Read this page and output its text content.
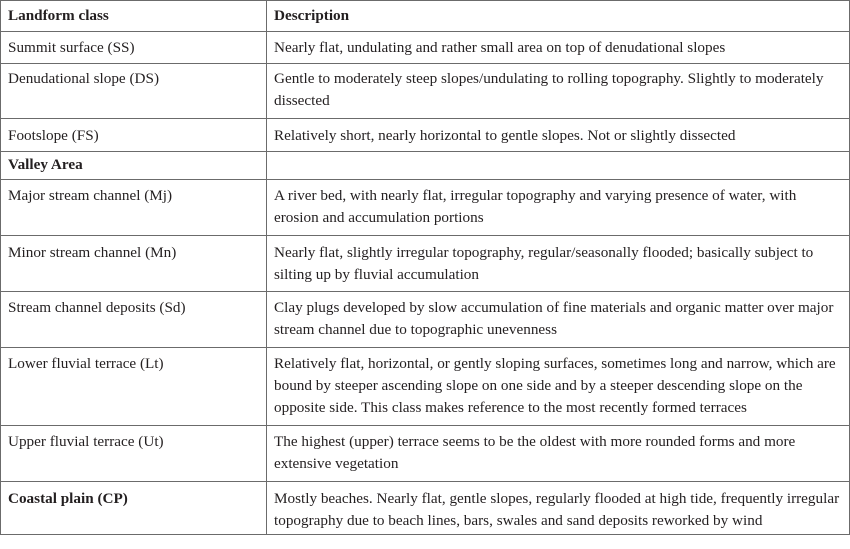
Landform class	Description
Summit surface (SS)	Nearly flat, undulating and rather small area on top of denudational slopes
Denudational slope (DS)	Gentle to moderately steep slopes/undulating to rolling topography. Slightly to moderately dissected
Footslope (FS)	Relatively short, nearly horizontal to gentle slopes. Not or slightly dissected
Valley Area	
Major stream channel (Mj)	A river bed, with nearly flat, irregular topography and varying presence of water, with erosion and accumulation portions
Minor stream channel (Mn)	Nearly flat, slightly irregular topography, regular/seasonally flooded; basically subject to silting up by fluvial accumulation
Stream channel deposits (Sd)	Clay plugs developed by slow accumulation of fine materials and organic matter over major stream channel due to topographic unevenness
Lower fluvial terrace (Lt)	Relatively flat, horizontal, or gently sloping surfaces, sometimes long and narrow, which are bound by steeper ascending slope on one side and by a steeper descending slope on the opposite side. This class makes reference to the most recently formed terraces
Upper fluvial terrace (Ut)	The highest (upper) terrace seems to be the oldest with more rounded forms and more extensive vegetation
Coastal plain (CP)	Mostly beaches. Nearly flat, gentle slopes, regularly flooded at high tide, frequently irregular topography due to beach lines, bars, swales and sand deposits reworked by wind
